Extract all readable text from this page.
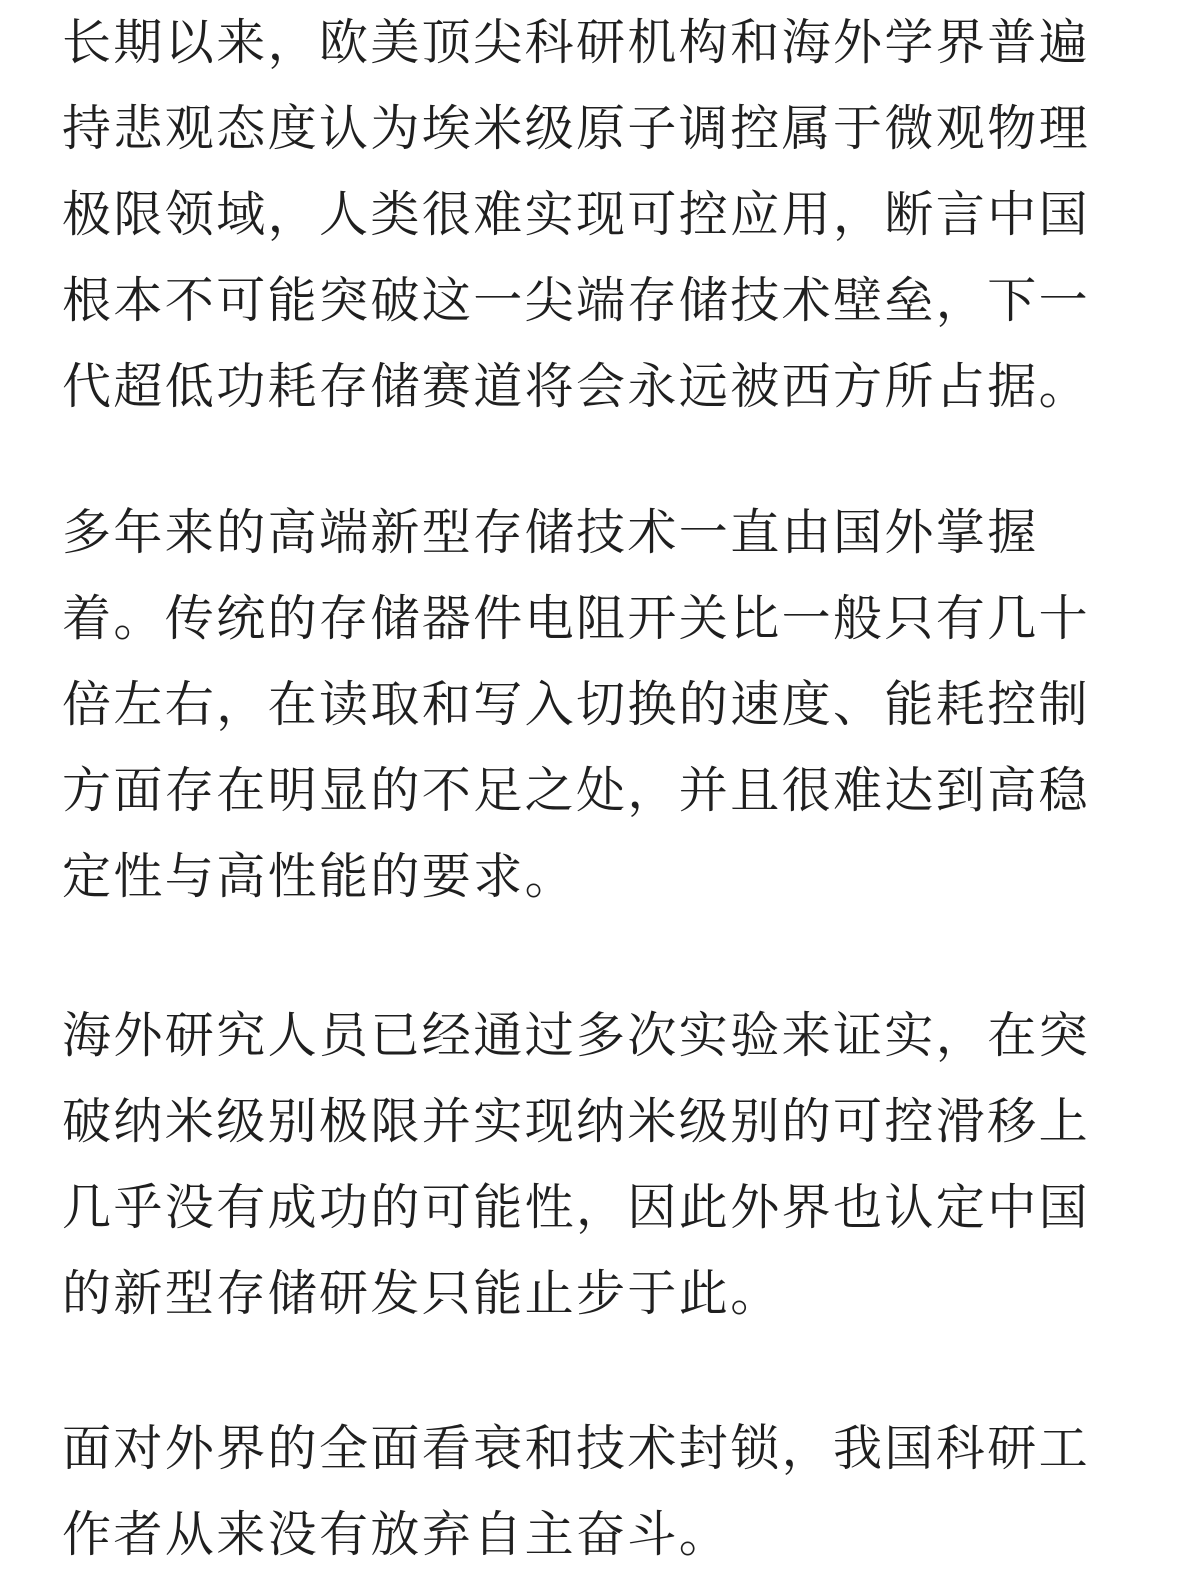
长期以来，欧美顶尖科研机构和海外学界普遍
持悲观态度认为埃米级原子调控属于微观物理
极限领域，人类很难实现可控应用，断言中国
根本不可能突破这一尖端存储技术壁垒，下一
代超低功耗存储赛道将会永远被西方所占据。

多年来的高端新型存储技术一直由国外掌握
着。传统的存储器件电阻开关比一般只有几十
倍左右，在读取和写入切换的速度、能耗控制
方面存在明显的不足之处，并且很难达到高稳
定性与高性能的要求。

海外研究人员已经通过多次实验来证实，在突
破纳米级别极限并实现纳米级别的可控滑移上
几乎没有成功的可能性，因此外界也认定中国
的新型存储研发只能止步于此。

面对外界的全面看衰和技术封锁，我国科研工
作者从来没有放弃自主奋斗。
